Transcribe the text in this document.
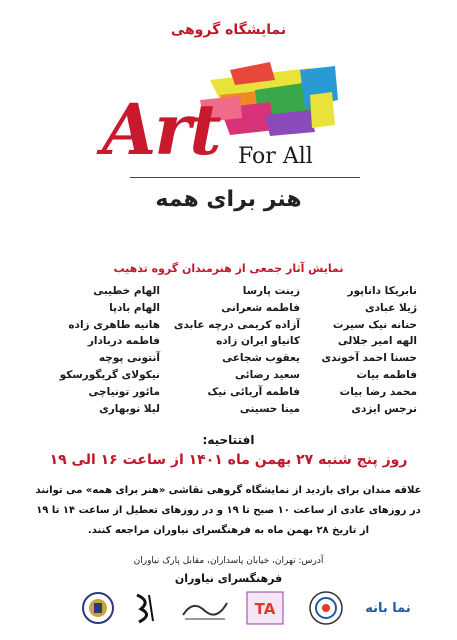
نمایشگاه گروهی
Art For All
هنر برای همه
نمایش آثار جمعی از هنرمندان گروه تذهیب
نابریکا داناپور
ژیلا عبادی
حنانه نیک سیرت
الهه امیر جلالی
حسنا احمد آخوندی
فاطمه بیات
محمد رضا بیات
نرجس ایزدی
زینت پارسا
فاطمه شعرانی
آزاده کریمی درچه عابدی
کانیاو ایران زاده
یعقوب شجاعی
سعید رضائی
فاطمه آریائی نیک
مینا حسینی
الهام خطیبی
الهام بادپا
هانیه طاهری زاده
فاطمه دربادار
آنتونی پوچه
نیکولای گریگورسکو
مائور تونیاچی
لیلا نوبهاری
افتتاحیه:
روز پنج شنبه ۲۷ بهمن ماه ۱۴۰۱ از ساعت ۱۶ الی ۱۹
علاقه مندان برای بازدید از نمایشگاه گروهی نقاشی «هنر برای همه» می توانند
در روزهای عادی از ساعت ۱۰ صبح تا ۱۹ و در روزهای تعطیل از ساعت ۱۴ تا ۱۹
از تاریخ ۲۸ بهمن ماه به فرهنگسرای نیاوران مراجعه کنند.
آدرس: تهران، خیابان پاسداران، مقابل پارک نیاوران
فرهنگسرای نیاوران
TA	نما بانه
